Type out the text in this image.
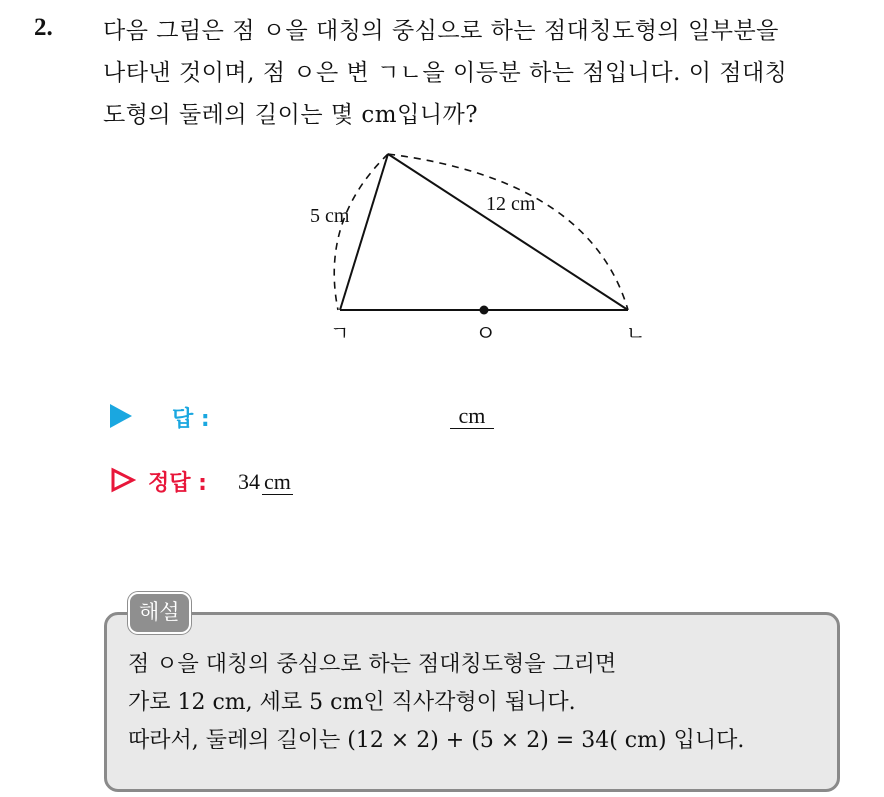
2. 다음 그림은 점 ㅇ을 대칭의 중심으로 하는 점대칭도형의 일부분을

나타낸 것이며, 점 ㅇ은 변 ㄱㄴ을 이등분 하는 점입니다. 이 점대칭

도형의 둘레의 길이는 몇 cm입니까?

5 cm
12 cm
ㄱ	ㅇ	ㄴ
답 :	cm
정답 : 34 cm
해설

점 ㅇ을 대칭의 중심으로 하는 점대칭도형을 그리면

가로 12 cm, 세로 5 cm인 직사각형이 됩니다.

따라서, 둘레의 길이는 (12 × 2) + (5 × 2) = 34( cm) 입니다.
